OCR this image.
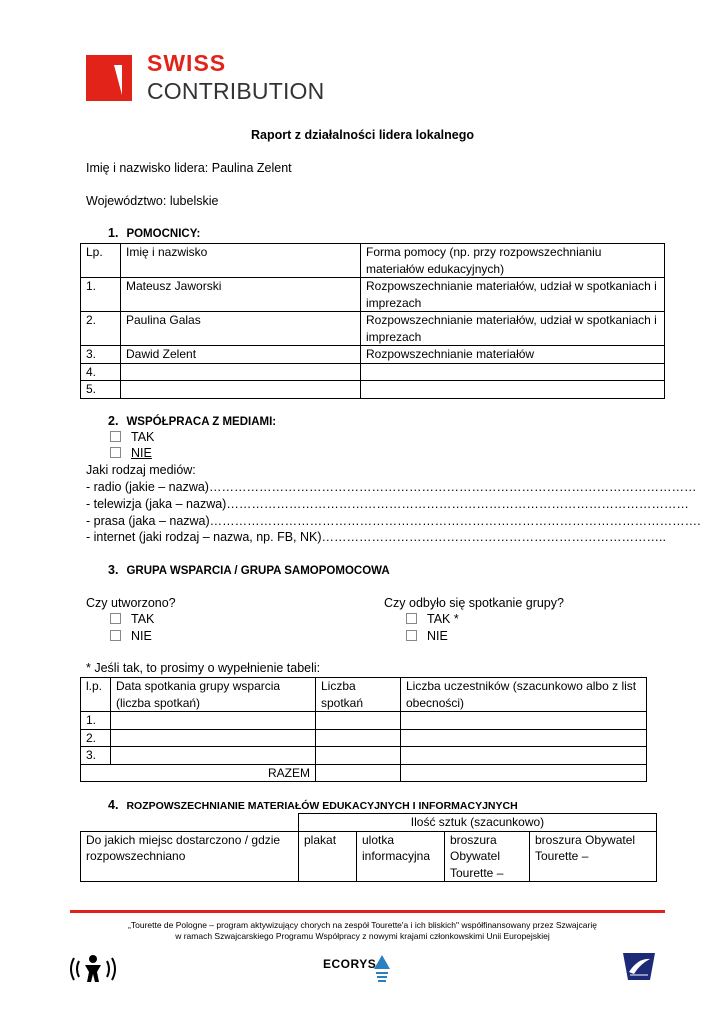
SWISS
CONTRIBUTION
Raport z działalności lidera lokalnego
Imię i nazwisko lidera: Paulina Zelent
Województwo: lubelskie
1. POMOCNICY:
Lp.	Imię i nazwisko	Forma pomocy (np. przy rozpowszechnianiu materiałów edukacyjnych)
1.	Mateusz Jaworski	Rozpowszechnianie materiałów, udział w spotkaniach i imprezach
2.	Paulina Galas	Rozpowszechnianie materiałów, udział w spotkaniach i imprezach
3.	Dawid Zelent	Rozpowszechnianie materiałów
4.		
5.		
2. WSPÓŁPRACA Z MEDIAMI:
TAK
NIE
Jaki rodzaj mediów:
- radio (jakie – nazwa)………………………………………………………………………………………………………
- telewizja (jaka – nazwa)…………………………………………………………………………………………………
- prasa (jaka – nazwa)……………………………………………………………………………………………………….
- internet (jaki rodzaj – nazwa, np. FB, NK)………………………………………………………………………..
3. GRUPA WSPARCIA / GRUPA SAMOPOMOCOWA
Czy utworzono?
TAK
NIE
Czy odbyło się spotkanie grupy?
TAK *
NIE
* Jeśli tak, to prosimy o wypełnienie tabeli:
l.p.	Data spotkania grupy wsparcia (liczba spotkań)	Liczba spotkań	Liczba uczestników (szacunkowo albo z list obecności)
1.			
2.			
3.			
RAZEM			
4. ROZPOWSZECHNIANIE MATERIAŁÓW EDUKACYJNYCH I INFORMACYJNYCH
	Ilość sztuk (szacunkowo)			
Do jakich miejsc dostarczono / gdzie rozpowszechniano	plakat	ulotka informacyjna	broszura Obywatel Tourette –	broszura Obywatel Tourette –
„Tourette de Pologne – program aktywizujący chorych na zespół Tourette'a i ich bliskich" współfinansowany przez Szwajcarię
w ramach Szwajcarskiego Programu Współpracy z nowymi krajami członkowskimi Unii Europejskiej
ECORYS
